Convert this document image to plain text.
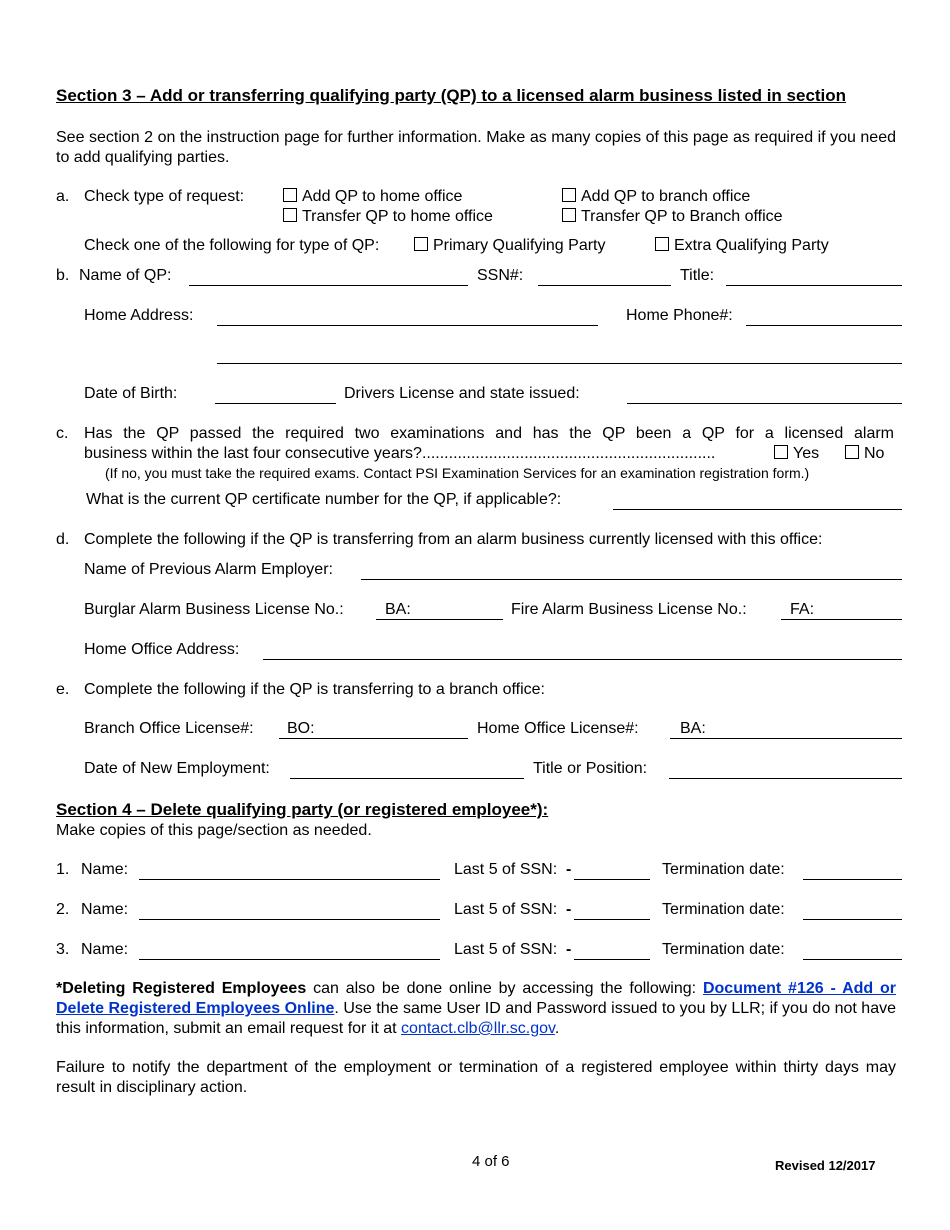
Section 3 – Add or transferring qualifying party (QP) to a licensed alarm business listed in section
See section 2 on the instruction page for further information. Make as many copies of this page as required if you need to add qualifying parties.
a. Check type of request:	Add QP to home office	Add QP to branch office
Transfer QP to home office	Transfer QP to Branch office
Check one of the following for type of QP:	Primary Qualifying Party	Extra Qualifying Party
b. Name of QP:	SSN#:	Title:
Home Address:	Home Phone#:
Date of Birth:	Drivers License and state issued:
c. Has the QP passed the required two examinations and has the QP been a QP for a licensed alarm
business within the last four consecutive years?..................................................................	Yes	No
(If no, you must take the required exams. Contact PSI Examination Services for an examination registration form.)
What is the current QP certificate number for the QP, if applicable?:
d. Complete the following if the QP is transferring from an alarm business currently licensed with this office:
Name of Previous Alarm Employer:
Burglar Alarm Business License No.:	BA:	Fire Alarm Business License No.:	FA:
Home Office Address:
e. Complete the following if the QP is transferring to a branch office:
Branch Office License#: BO:	Home Office License#:	BA:
Date of New Employment:	Title or Position:
Section 4 – Delete qualifying party (or registered employee*):
Make copies of this page/section as needed.
1. Name:	Last 5 of SSN: -	Termination date:
2. Name:	Last 5 of SSN: -	Termination date:
3. Name:	Last 5 of SSN: -	Termination date:
*Deleting Registered Employees can also be done online by accessing the following: Document #126 - Add or Delete Registered Employees Online. Use the same User ID and Password issued to you by LLR; if you do not have this information, submit an email request for it at contact.clb@llr.sc.gov.
Failure to notify the department of the employment or termination of a registered employee within thirty days may result in disciplinary action.
4 of 6	Revised 12/2017
